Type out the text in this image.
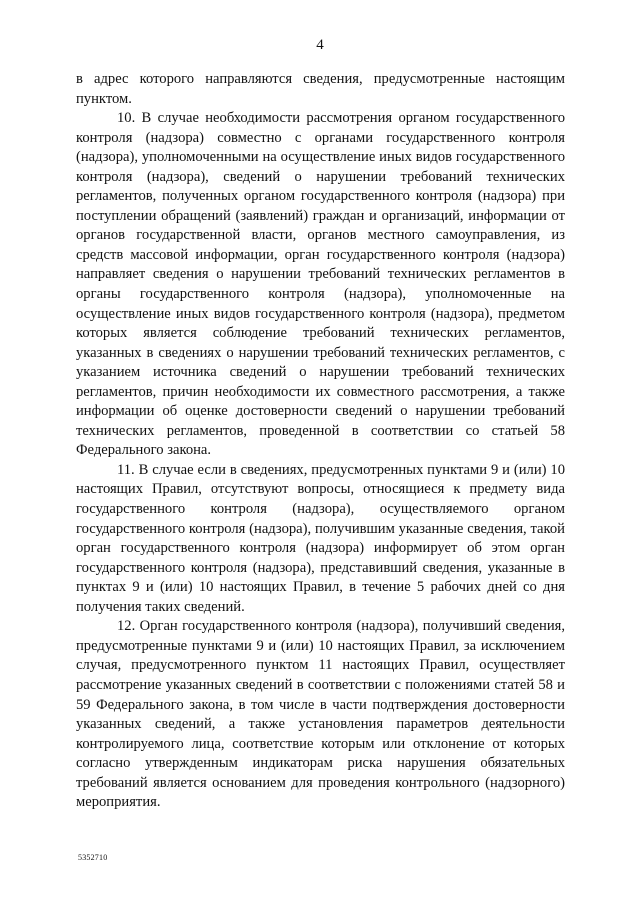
4

в адрес которого направляются сведения, предусмотренные настоящим пунктом.

10. В случае необходимости рассмотрения органом государственного контроля (надзора) совместно с органами государственного контроля (надзора), уполномоченными на осуществление иных видов государственного контроля (надзора), сведений о нарушении требований технических регламентов, полученных органом государственного контроля (надзора) при поступлении обращений (заявлений) граждан и организаций, информации от органов государственной власти, органов местного самоуправления, из средств массовой информации, орган государственного контроля (надзора) направляет сведения о нарушении требований технических регламентов в органы государственного контроля (надзора), уполномоченные на осуществление иных видов государственного контроля (надзора), предметом которых является соблюдение требований технических регламентов, указанных в сведениях о нарушении требований технических регламентов, с указанием источника сведений о нарушении требований технических регламентов, причин необходимости их совместного рассмотрения, а также информации об оценке достоверности сведений о нарушении требований технических регламентов, проведенной в соответствии со статьей 58 Федерального закона.

11. В случае если в сведениях, предусмотренных пунктами 9 и (или) 10 настоящих Правил, отсутствуют вопросы, относящиеся к предмету вида государственного контроля (надзора), осуществляемого органом государственного контроля (надзора), получившим указанные сведения, такой орган государственного контроля (надзора) информирует об этом орган государственного контроля (надзора), представивший сведения, указанные в пунктах 9 и (или) 10 настоящих Правил, в течение 5 рабочих дней со дня получения таких сведений.

12. Орган государственного контроля (надзора), получивший сведения, предусмотренные пунктами 9 и (или) 10 настоящих Правил, за исключением случая, предусмотренного пунктом 11 настоящих Правил, осуществляет рассмотрение указанных сведений в соответствии с положениями статей 58 и 59 Федерального закона, в том числе в части подтверждения достоверности указанных сведений, а также установления параметров деятельности контролируемого лица, соответствие которым или отклонение от которых согласно утвержденным индикаторам риска нарушения обязательных требований является основанием для проведения контрольного (надзорного) мероприятия.

5352710
